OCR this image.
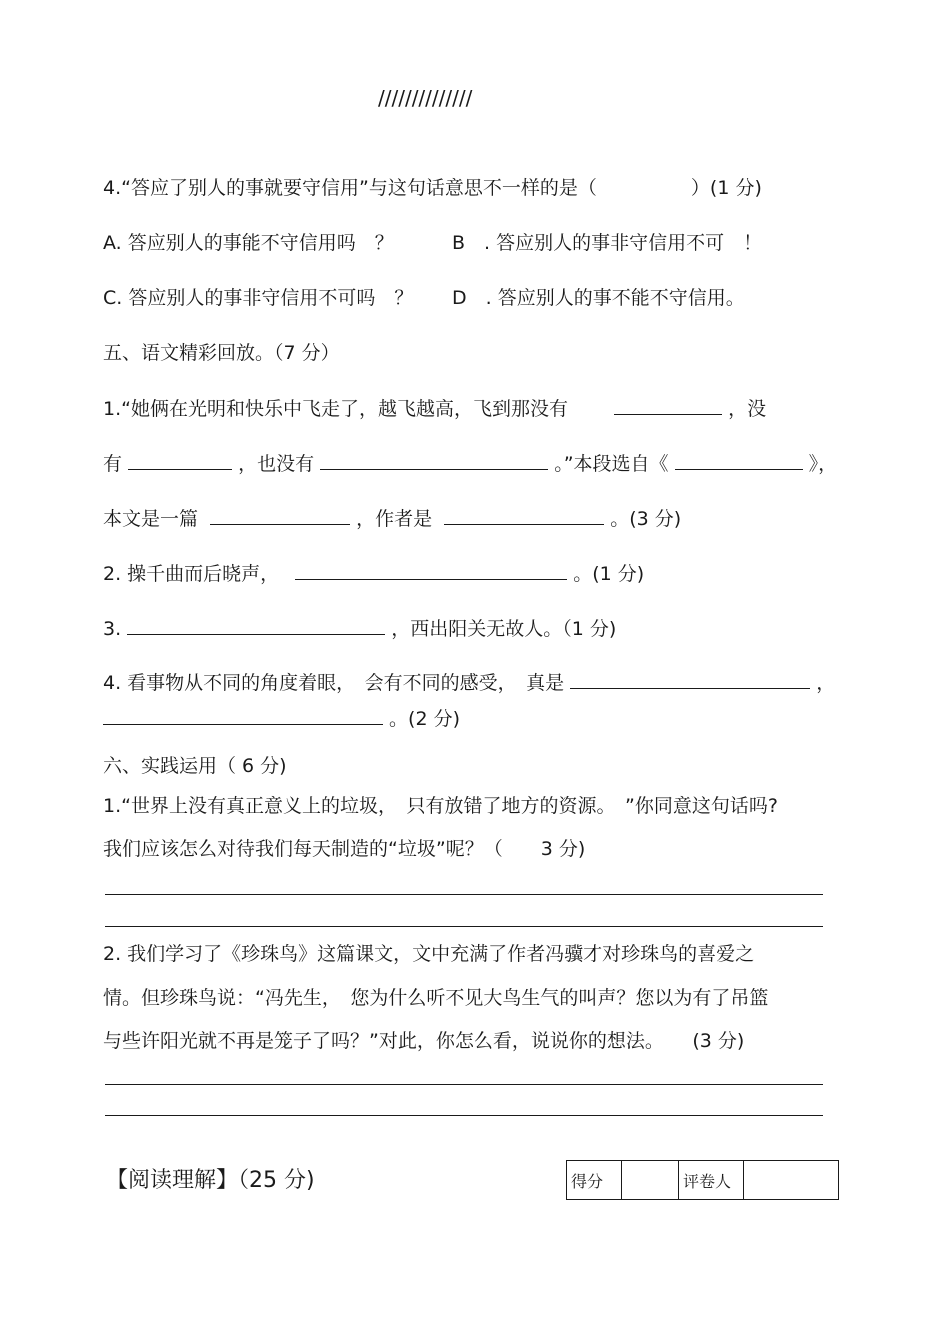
//////////////
4.“答应了别人的事就要守信用”与这句话意思不一样的是（	）(1 分)
A. 答应别人的事能不守信用吗　？	B　. 答应别人的事非守信用不可　！
C. 答应别人的事非守信用不可吗　？ D　. 答应别人的事不能不守信用。
五、语文精彩回放。（7 分）
1.“她俩在光明和快乐中飞走了，越飞越高，飞到那没有	，没
有	，也没有	。”本段选自《	》，
本文是一篇	，作者是	。(3 分)
2. 操千曲而后晓声，	。(1 分)
3.	，西出阳关无故人。（1 分)
4. 看事物从不同的角度着眼，　会有不同的感受，　真是	，
。(2 分)
六、实践运用（ 6 分)
1.“世界上没有真正意义上的垃圾，　只有放错了地方的资源。　”你同意这句话吗?
我们应该怎么对待我们每天制造的“垃圾”呢？（　　3 分)
2. 我们学习了《珍珠鸟》这篇课文，文中充满了作者冯骥才对珍珠鸟的喜爱之
情。但珍珠鸟说：“冯先生，　您为什么听不见大鸟生气的叫声？您以为有了吊篮
与些许阳光就不再是笼子了吗？”对此，你怎么看，说说你的想法。　　(3 分)
【阅读理解】（25 分)	得分		评卷人	
